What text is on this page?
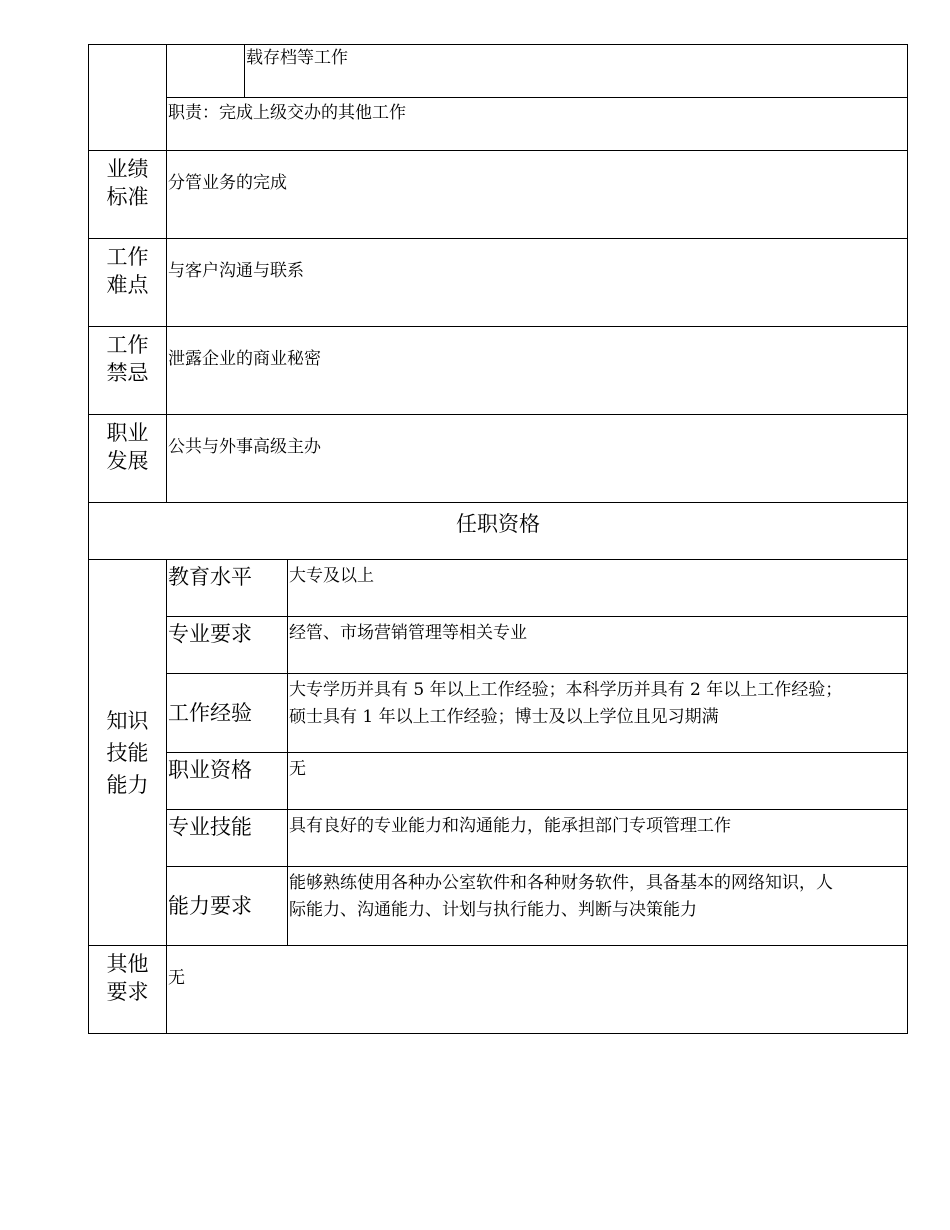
		载存档等工作	
	职责：完成上级交办的其他工作		

业绩
标准	分管业务的完成		

工作
难点	与客户沟通与联系		

工作
禁忌	泄露企业的商业秘密		

职业
发展	公共与外事高级主办		
任职资格			

知识
技能
能力	教育水平		大专及以上
	专业要求		经管、市场营销管理等相关专业
	工作经验		大专学历并具有 5 年以上工作经验；本科学历并具有 2 年以上工作经验；
硕士具有 1 年以上工作经验；博士及以上学位且见习期满

	职业资格		无
	专业技能		具有良好的专业能力和沟通能力，能承担部门专项管理工作
	能力要求		能够熟练使用各种办公室软件和各种财务软件，具备基本的网络知识，人
际能力、沟通能力、计划与执行能力、判断与决策能力

其他
要求	无		
